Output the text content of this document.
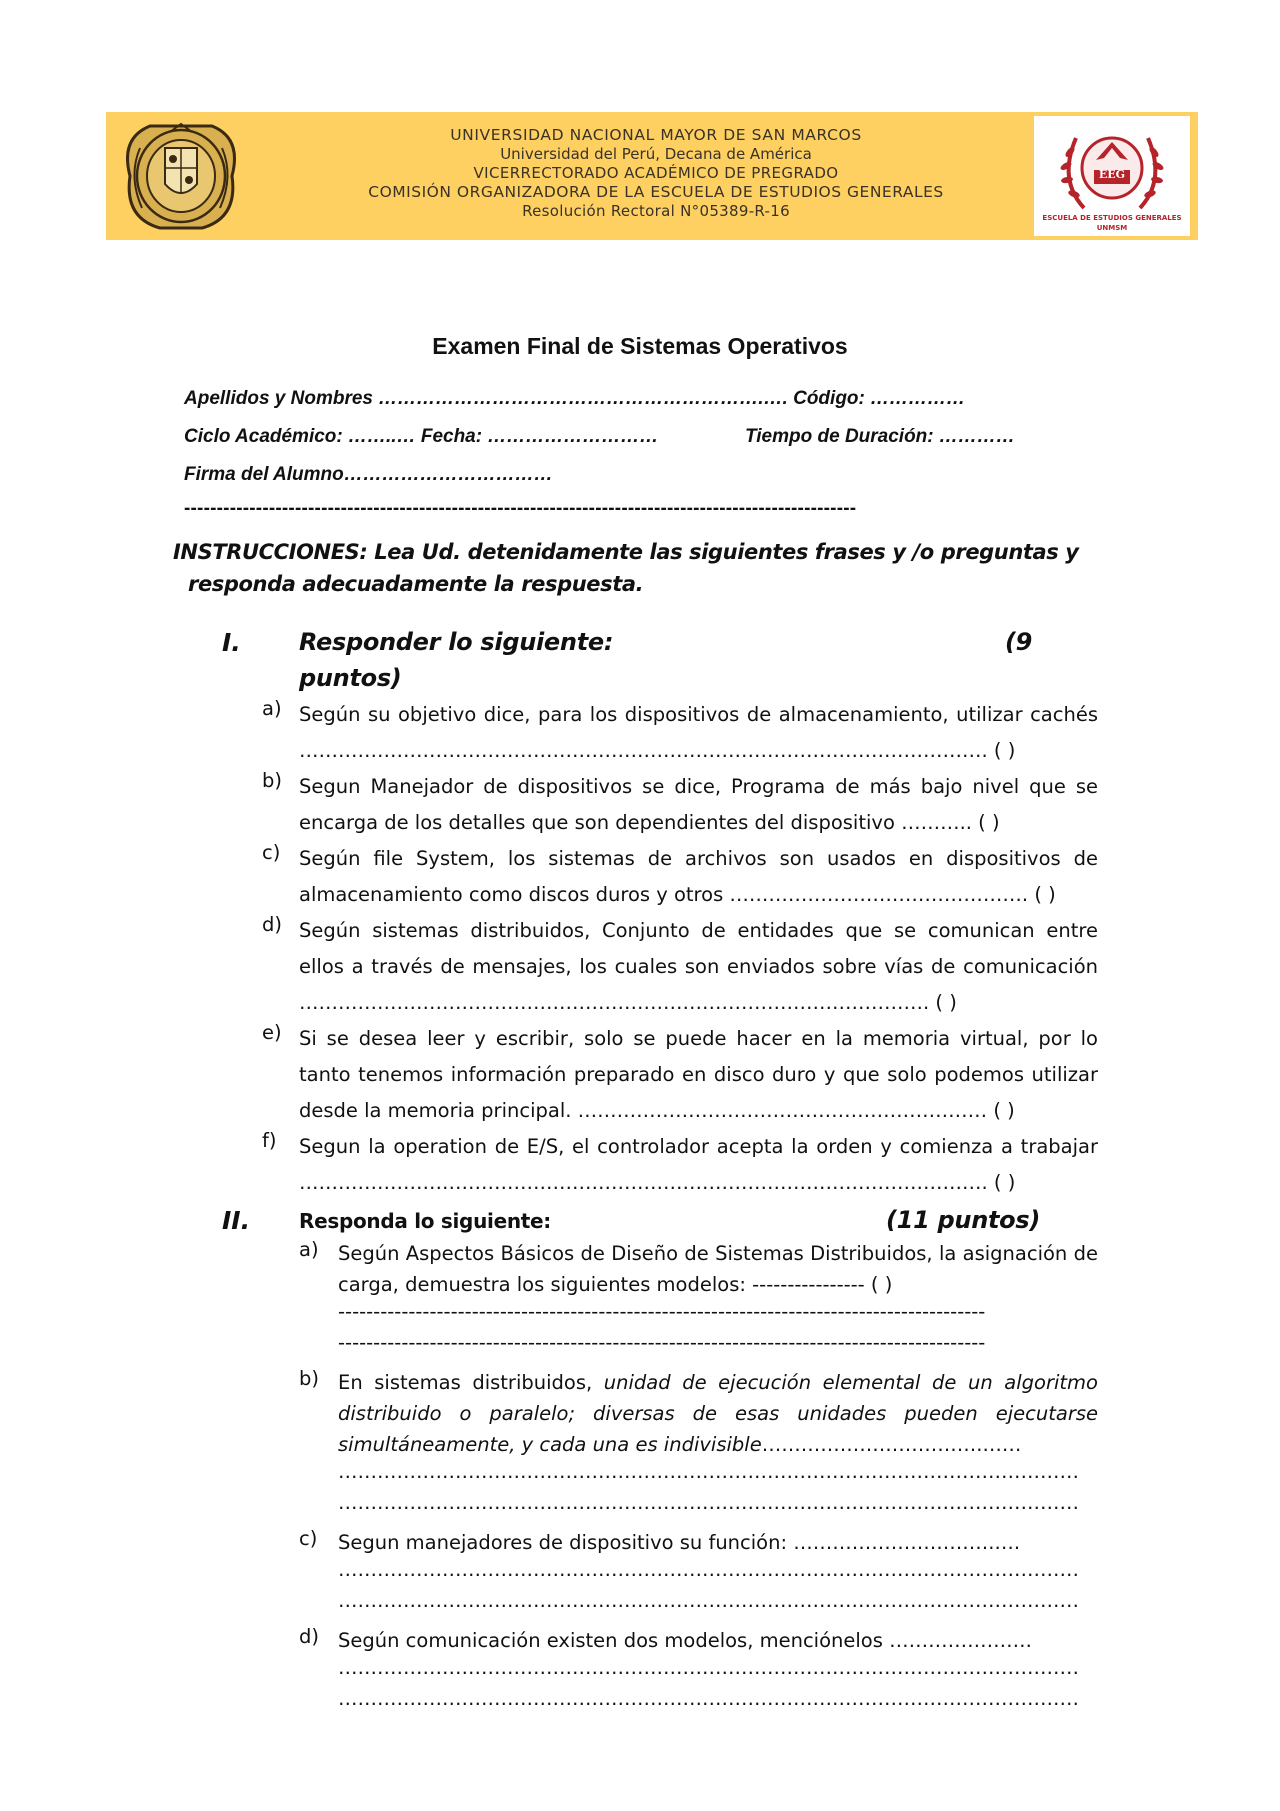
UNIVERSIDAD NACIONAL MAYOR DE SAN MARCOS
Universidad del Perú, Decana de América
VICERRECTORADO ACADÉMICO DE PREGRADO
COMISIÓN ORGANIZADORA DE LA ESCUELA DE ESTUDIOS GENERALES
Resolución Rectoral N°05389-R-16
EEG
ESCUELA DE ESTUDIOS GENERALES
UNMSM
Examen Final de Sistemas Operativos
Apellidos y Nombres …………………………………………………….…. Código: ……………
Ciclo Académico: ……..… Fecha: ………………………	Tiempo de Duración: …………
Firma del Alumno……………………………
-------------------------------------------------------------------------------------------------------
INSTRUCCIONES: Lea Ud. detenidamente las siguientes frases y /o preguntas y
responda adecuadamente la respuesta.
I. Responder lo siguiente:	(9
puntos)
a) Según su objetivo dice, para los dispositivos de almacenamiento, utilizar cachés ……………………………………………………………………………………………. ( )
b) Segun Manejador de dispositivos se dice, Programa de más bajo nivel que se encarga de los detalles que son dependientes del dispositivo ……….. ( )
c) Según file System, los sistemas de archivos son usados en dispositivos de almacenamiento como discos duros y otros ………………………………………. ( )
d) Según sistemas distribuidos, Conjunto de entidades que se comunican entre ellos a través de mensajes, los cuales son enviados sobre vías de comunicación ……………………………………………………………………………………. ( )
e) Si se desea leer y escribir, solo se puede hacer en la memoria virtual, por lo tanto tenemos información preparado en disco duro y que solo podemos utilizar desde la memoria principal. ……………………………………………………… ( )
f) Segun la operation de E/S, el controlador acepta la orden y comienza a trabajar ……………………………………………………………………………………………. ( )
II. Responda lo siguiente:	(11 puntos)
a) Según Aspectos Básicos de Diseño de Sistemas Distribuidos, la asignación de carga, demuestra los siguientes modelos: ---------------- ( )
--------------------------------------------------------------------------------------------
--------------------------------------------------------------------------------------------
b) En sistemas distribuidos, unidad de ejecución elemental de un algoritmo distribuido o paralelo; diversas de esas unidades pueden ejecutarse simultáneamente, y cada una es indivisible…………………………….……
……………………………………………………………………………………………………
……………………………………………………………………………………………………
c) Segun manejadores de dispositivo su función: ………………………….….
……………………………………………………………………………………………………
……………………………………………………………………………………………………
d) Según comunicación existen dos modelos, menciónelos ………………….
……………………………………………………………………………………………………
……………………………………………………………………………………………………
